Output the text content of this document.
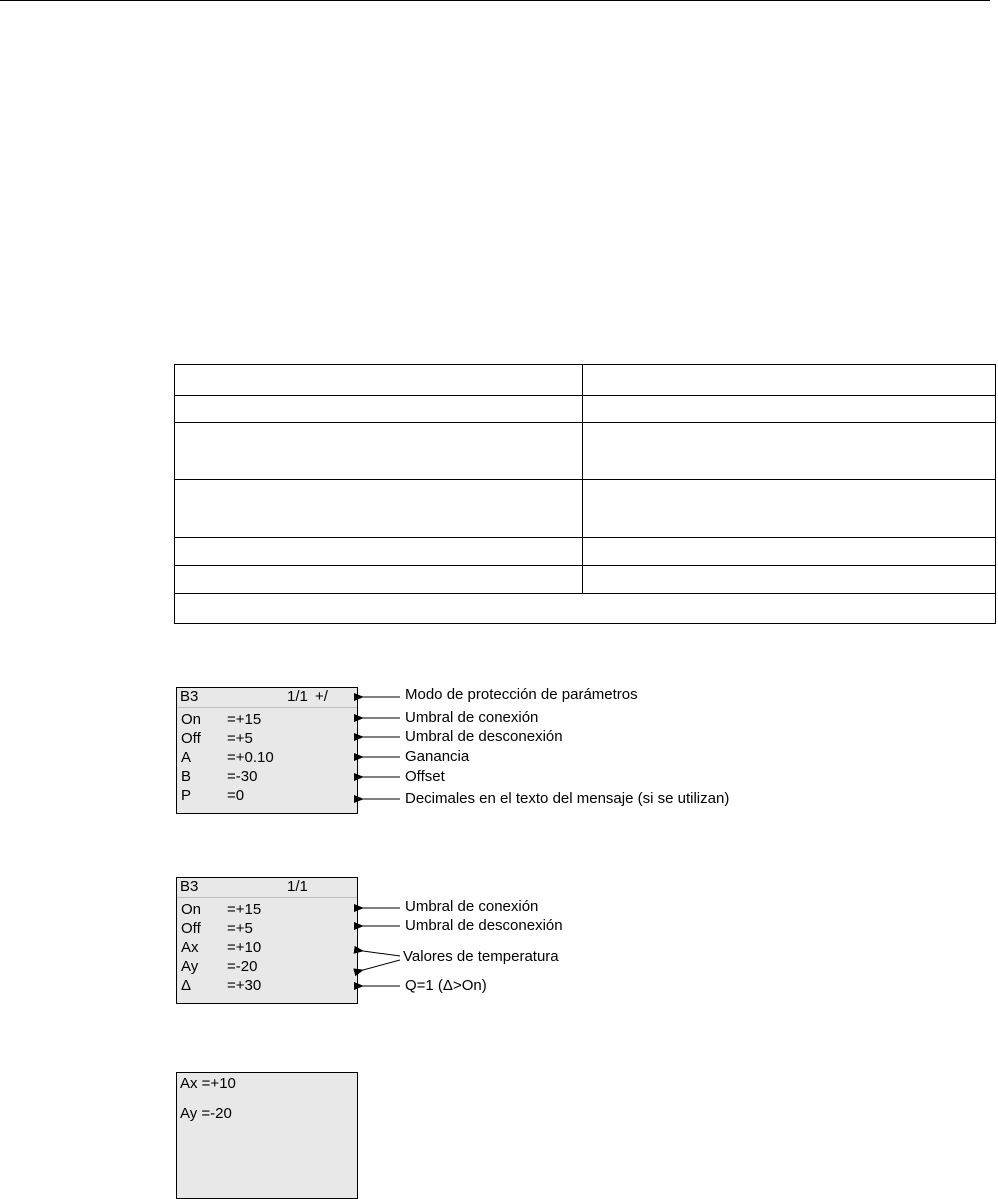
B3	1/1 +/
On =+15
Off =+5
A =+0.10
B =-30
P =0
Modo de protección de parámetros
Umbral de conexión
Umbral de desconexión
Ganancia
Offset
Decimales en el texto del mensaje (si se utilizan)
B3	1/1
On =+15
Off =+5
Ax =+10
Ay =-20
Δ =+30
Umbral de conexión
Umbral de desconexión
Valores de temperatura
Q=1 (Δ>On)
Ax =+10
Ay =-20
